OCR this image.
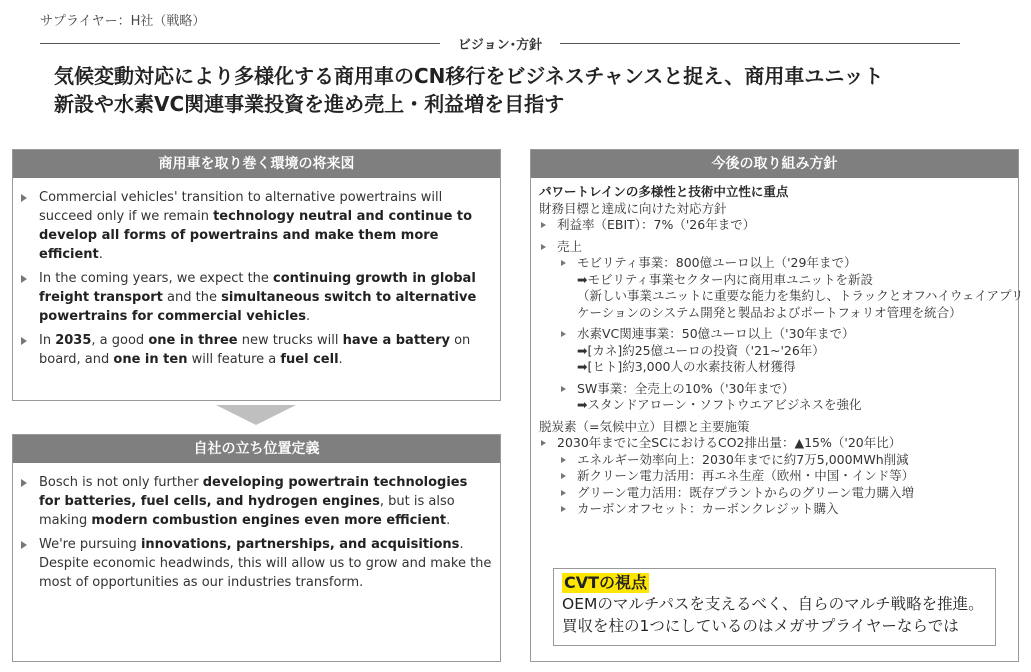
サプライヤー：H社（戦略）
ビジョン･方針
気候変動対応により多様化する商用車のCN移行をビジネスチャンスと捉え、商用車ユニット
新設や水素VC関連事業投資を進め売上・利益増を目指す
商用車を取り巻く環境の将来図
Commercial vehicles' transition to alternative powertrains will succeed only if we remain technology neutral and continue to develop all forms of powertrains and make them more efficient.
In the coming years, we expect the continuing growth in global freight transport and the simultaneous switch to alternative powertrains for commercial vehicles.
In 2035, a good one in three new trucks will have a battery on board, and one in ten will feature a fuel cell.
自社の立ち位置定義
Bosch is not only further developing powertrain technologies for batteries, fuel cells, and hydrogen engines, but is also making modern combustion engines even more efficient.
We're pursuing innovations, partnerships, and acquisitions. Despite economic headwinds, this will allow us to grow and make the most of opportunities as our industries transform.
今後の取り組み方針
パワートレインの多様性と技術中立性に重点
財務目標と達成に向けた対応方針
利益率（EBIT）：7%（'26年まで）
売上
モビリティ事業：800億ユーロ以上（'29年まで）
➡モビリティ事業セクター内に商用車ユニットを新設
（新しい事業ユニットに重要な能力を集約し、トラックとオフハイウェイアプリ
ケーションのシステム開発と製品およびポートフォリオ管理を統合）
水素VC関連事業：50億ユーロ以上（'30年まで）
➡[カネ]約25億ユーロの投資（'21~'26年）
➡[ヒト]約3,000人の水素技術人材獲得
SW事業：全売上の10%（'30年まで）
➡スタンドアローン・ソフトウエアビジネスを強化
脱炭素（=気候中立）目標と主要施策
2030年までに全SCにおけるCO2排出量：▲15%（'20年比）
エネルギー効率向上：2030年までに約7万5,000MWh削減
新クリーン電力活用：再エネ生産（欧州・中国・インド等）
グリーン電力活用：既存プラントからのグリーン電力購入増
カーボンオフセット：カーボンクレジット購入
CVTの視点
OEMのマルチパスを支えるべく、自らのマルチ戦略を推進。
買収を柱の1つにしているのはメガサプライヤーならでは
